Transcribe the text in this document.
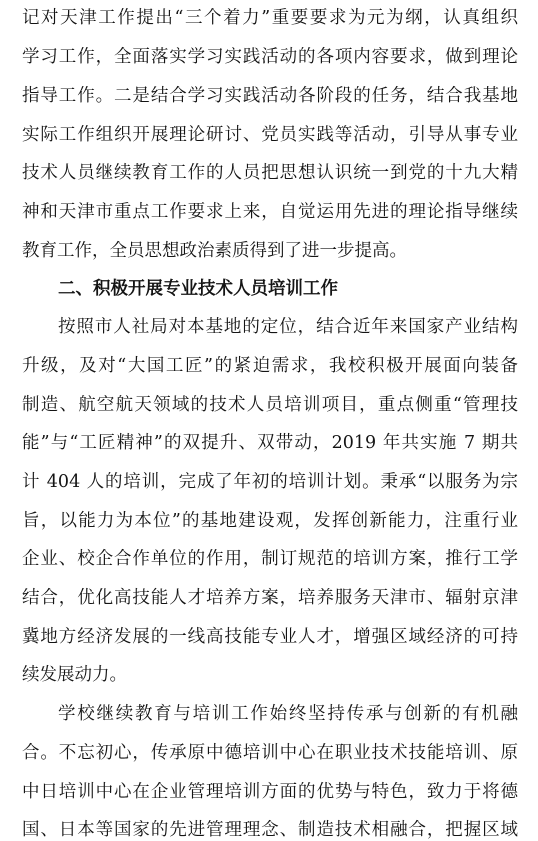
记对天津工作提出“三个着力”重要要求为元为纲，认真组织
学习工作，全面落实学习实践活动的各项内容要求，做到理论
指导工作。二是结合学习实践活动各阶段的任务，结合我基地
实际工作组织开展理论研讨、党员实践等活动，引导从事专业
技术人员继续教育工作的人员把思想认识统一到党的十九大精
神和天津市重点工作要求上来，自觉运用先进的理论指导继续
教育工作，全员思想政治素质得到了进一步提高。
二、积极开展专业技术人员培训工作
按照市人社局对本基地的定位，结合近年来国家产业结构
升级，及对“大国工匠”的紧迫需求，我校积极开展面向装备
制造、航空航天领域的技术人员培训项目，重点侧重“管理技
能”与“工匠精神”的双提升、双带动，2019 年共实施 7 期共
计 404 人的培训，完成了年初的培训计划。秉承“以服务为宗
旨，以能力为本位”的基地建设观，发挥创新能力，注重行业
企业、校企合作单位的作用，制订规范的培训方案，推行工学
结合，优化高技能人才培养方案，培养服务天津市、辐射京津
冀地方经济发展的一线高技能专业人才，增强区域经济的可持
续发展动力。
学校继续教育与培训工作始终坚持传承与创新的有机融
合。不忘初心，传承原中德培训中心在职业技术技能培训、原
中日培训中心在企业管理培训方面的优势与特色，致力于将德
国、日本等国家的先进管理理念、制造技术相融合，把握区域
